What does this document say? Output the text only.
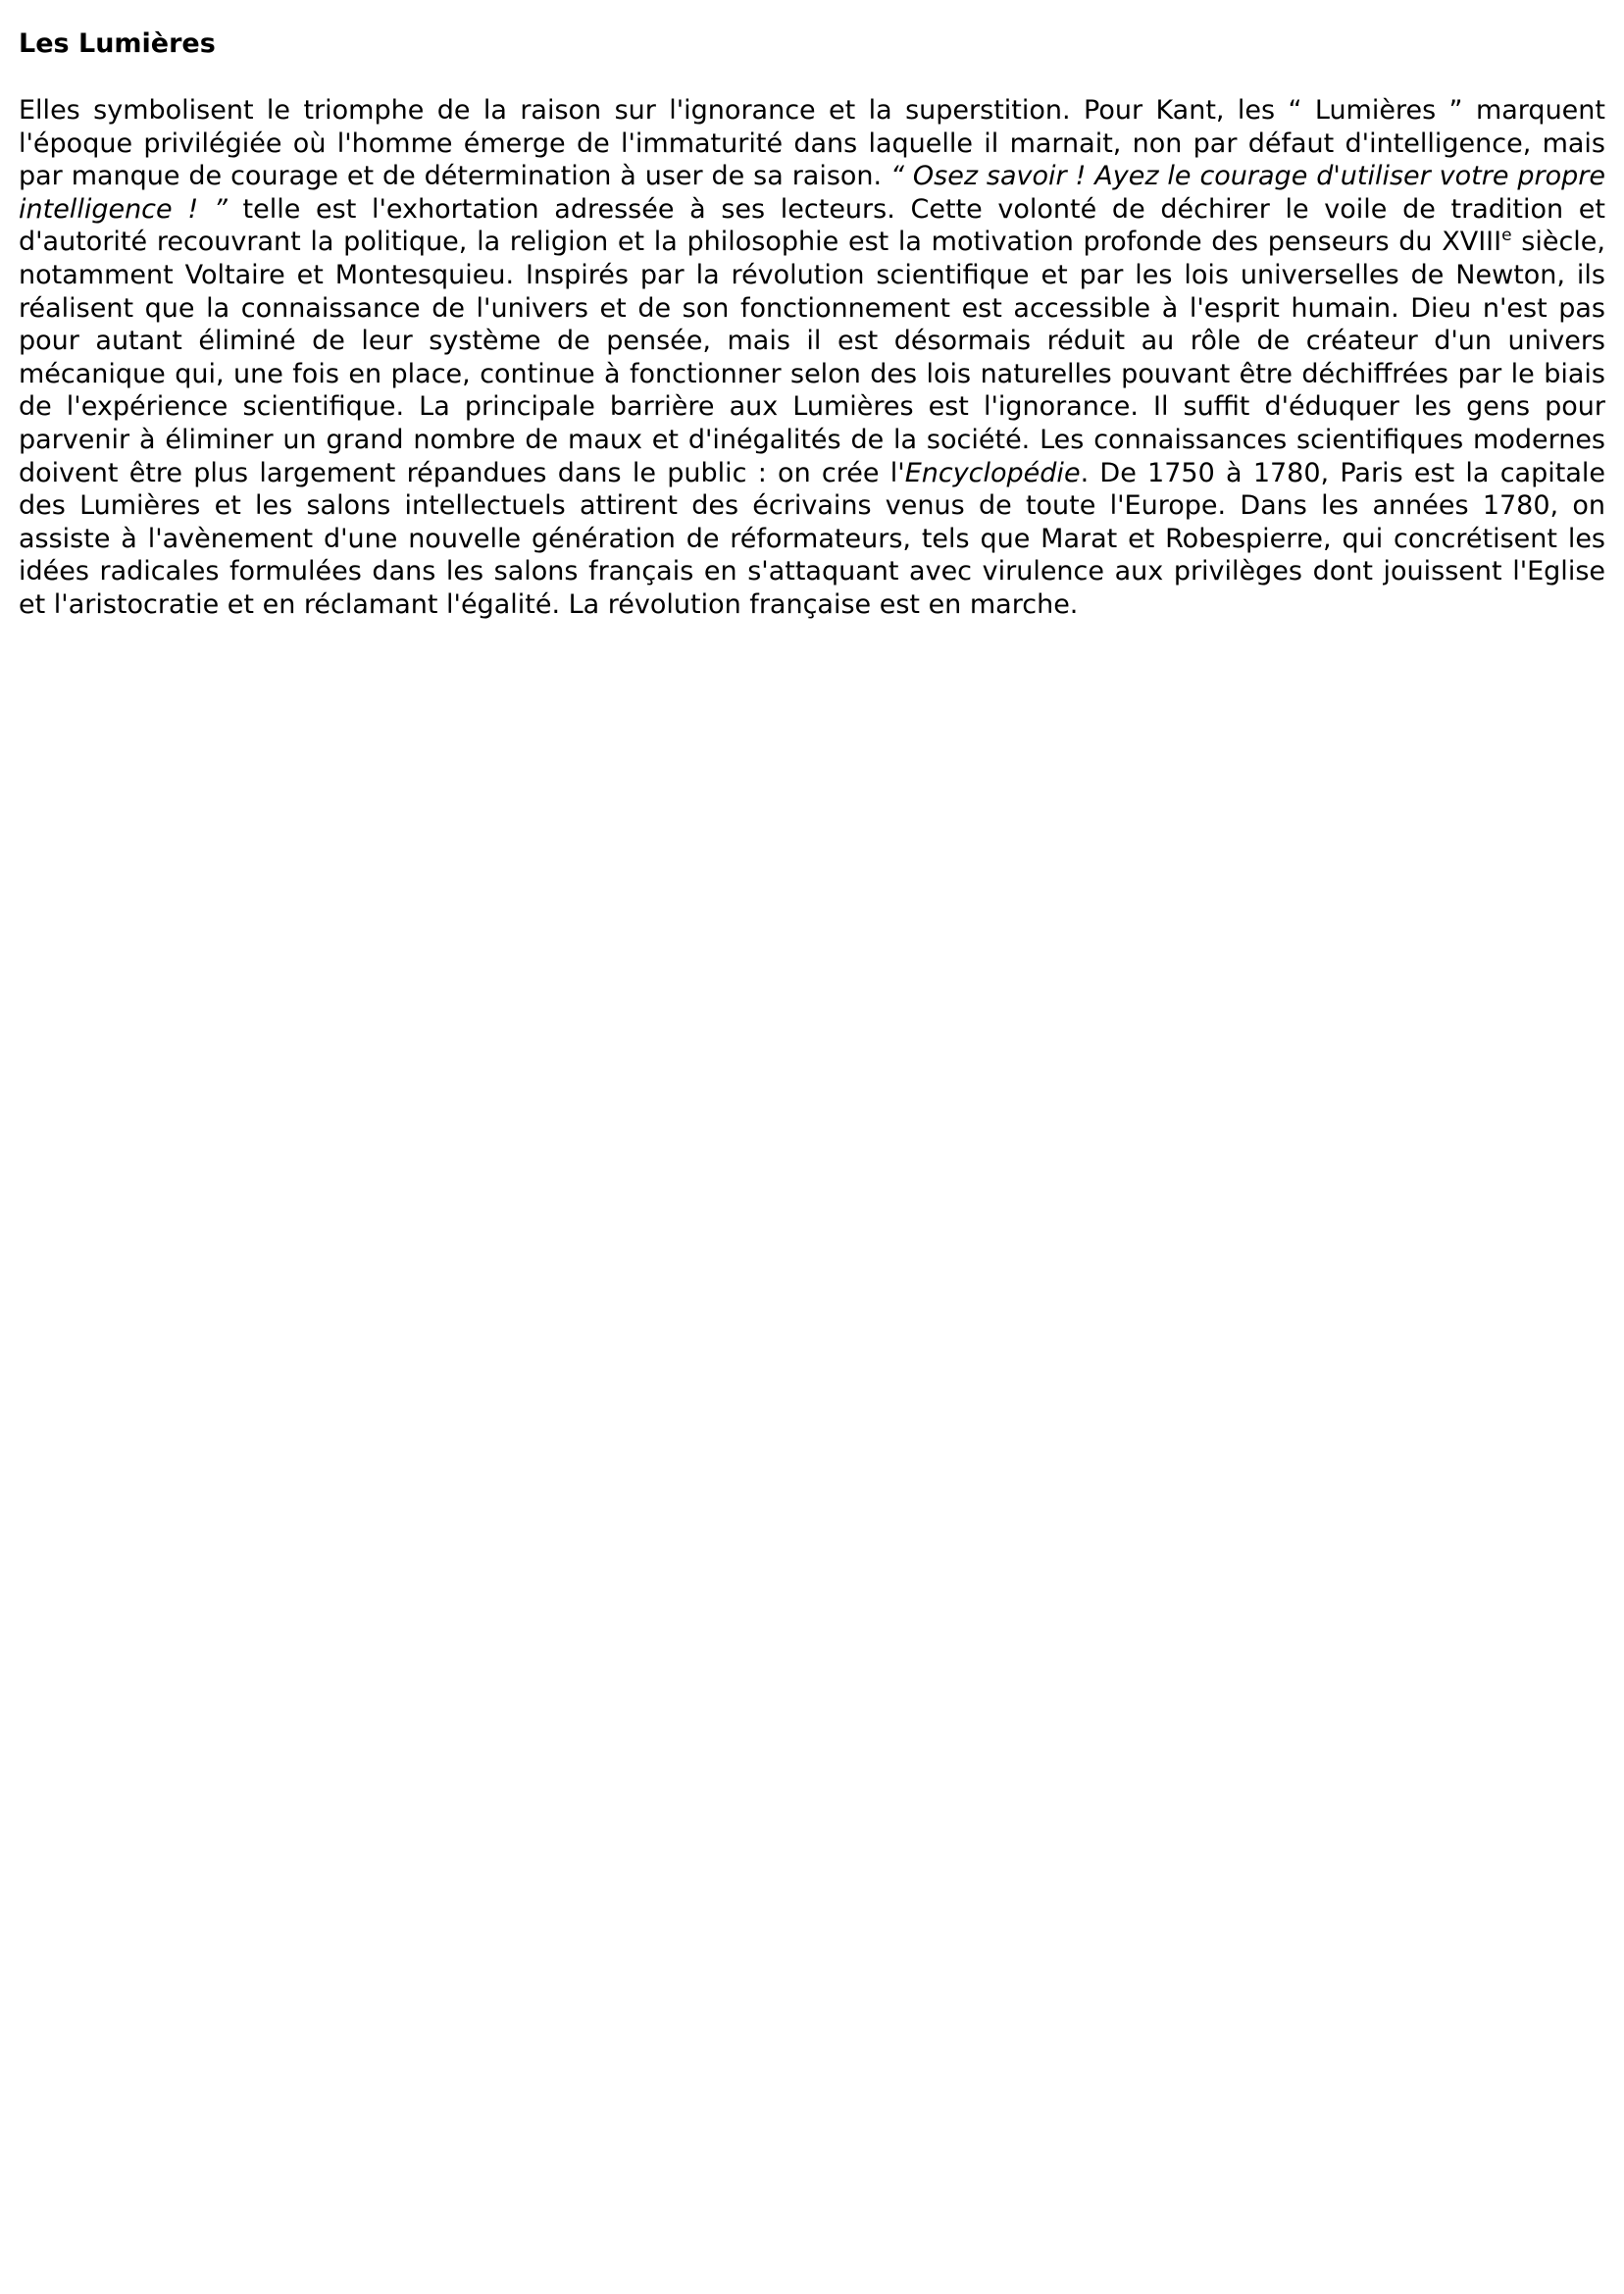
Les Lumières

Elles symbolisent le triomphe de la raison sur l'ignorance et la superstition. Pour Kant, les “ Lumières ” marquent l'époque privilégiée où l'homme émerge de l'immaturité dans laquelle il marnait, non par défaut d'intelligence, mais par manque de courage et de détermination à user de sa raison. “ Osez savoir ! Ayez le courage d'utiliser votre propre intelligence ! ” telle est l'exhortation adressée à ses lecteurs. Cette volonté de déchirer le voile de tradition et d'autorité recouvrant la politique, la religion et la philosophie est la motivation profonde des penseurs du XVIIIe siècle, notamment Voltaire et Montesquieu. Inspirés par la révolution scientifique et par les lois universelles de Newton, ils réalisent que la connaissance de l'univers et de son fonctionnement est accessible à l'esprit humain. Dieu n'est pas pour autant éliminé de leur système de pensée, mais il est désormais réduit au rôle de créateur d'un univers mécanique qui, une fois en place, continue à fonctionner selon des lois naturelles pouvant être déchiffrées par le biais de l'expérience scientifique. La principale barrière aux Lumières est l'ignorance. Il suffit d'éduquer les gens pour parvenir à éliminer un grand nombre de maux et d'inégalités de la société. Les connaissances scientifiques modernes doivent être plus largement répandues dans le public : on crée l'Encyclopédie. De 1750 à 1780, Paris est la capitale des Lumières et les salons intellectuels attirent des écrivains venus de toute l'Europe. Dans les années 1780, on assiste à l'avènement d'une nouvelle génération de réformateurs, tels que Marat et Robespierre, qui concrétisent les idées radicales formulées dans les salons français en s'attaquant avec virulence aux privilèges dont jouissent l'Eglise et l'aristocratie et en réclamant l'égalité. La révolution française est en marche.
